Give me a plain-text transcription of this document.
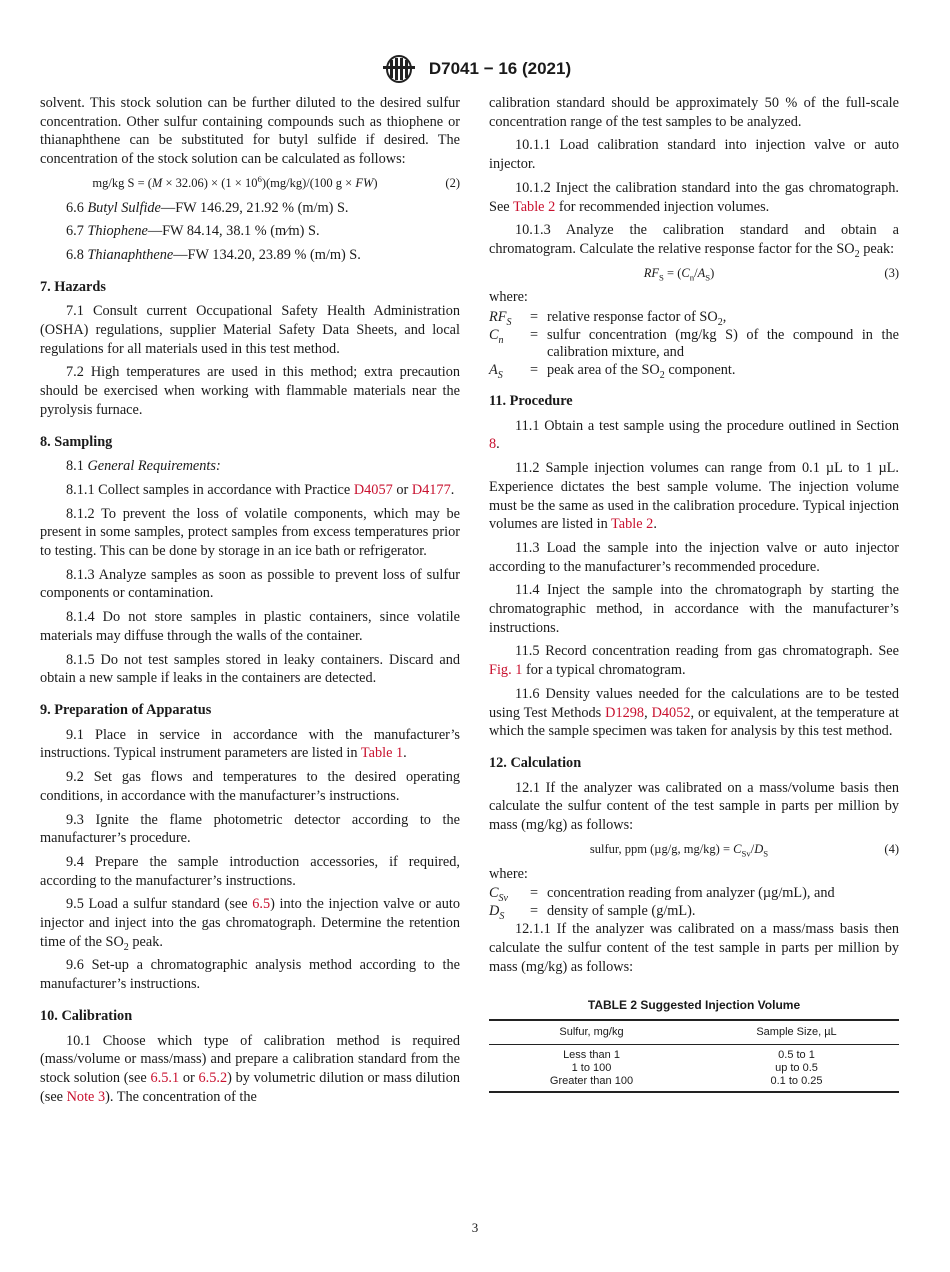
D7041 − 16 (2021)
solvent. This stock solution can be further diluted to the desired sulfur concentration. Other sulfur containing compounds such as thiophene or thianaphthene can be substituted for butyl sulfide if desired. The concentration of the stock solution can be calculated as follows:
mg/kg $S = (M \times 32.06) \times (1 \times 10^6)(mg/kg)/(100$ g × FW)	(2)
6.6 Butyl Sulfide—FW 146.29, 21.92 % (m/m) S.
6.7 Thiophene—FW 84.14, 38.1 % (m⁄m) S.
6.8 Thianaphthene—FW 134.20, 23.89 % (m/m) S.
7. Hazards
7.1 Consult current Occupational Safety Health Administration (OSHA) regulations, supplier Material Safety Data Sheets, and local regulations for all materials used in this test method.
7.2 High temperatures are used in this method; extra precaution should be exercised when working with flammable materials near the pyrolysis furnace.
8. Sampling
8.1 General Requirements:
8.1.1 Collect samples in accordance with Practice D4057 or D4177.
8.1.2 To prevent the loss of volatile components, which may be present in some samples, protect samples from excess temperatures prior to testing. This can be done by storage in an ice bath or refrigerator.
8.1.3 Analyze samples as soon as possible to prevent loss of sulfur components or contamination.
8.1.4 Do not store samples in plastic containers, since volatile materials may diffuse through the walls of the container.
8.1.5 Do not test samples stored in leaky containers. Discard and obtain a new sample if leaks in the containers are detected.
9. Preparation of Apparatus
9.1 Place in service in accordance with the manufacturer’s instructions. Typical instrument parameters are listed in Table 1.
9.2 Set gas flows and temperatures to the desired operating conditions, in accordance with the manufacturer’s instructions.
9.3 Ignite the flame photometric detector according to the manufacturer’s procedure.
9.4 Prepare the sample introduction accessories, if required, according to the manufacturer’s instructions.
9.5 Load a sulfur standard (see 6.5) into the injection valve or auto injector and inject into the gas chromatograph. Determine the retention time of the $SO_2$ peak.
9.6 Set-up a chromatographic analysis method according to the manufacturer’s instructions.
10. Calibration
10.1 Choose which type of calibration method is required (mass/volume or mass/mass) and prepare a calibration standard from the stock solution (see 6.5.1 or 6.5.2) by volumetric dilution or mass dilution (see Note 3). The concentration of the
calibration standard should be approximately 50 % of the full-scale concentration range of the test samples to be analyzed.
10.1.1 Load calibration standard into injection valve or auto injector.
10.1.2 Inject the calibration standard into the gas chromatograph. See Table 2 for recommended injection volumes.
10.1.3 Analyze the calibration standard and obtain a chromatogram. Calculate the relative response factor for the $SO_2$ peak:
$RF_S = (C_n/A_S)$	(3)
where:
$RF_S$	= relative response factor of $SO_2$,
$C_n$	= sulfur concentration (mg/kg S) of the compound in the calibration mixture, and
$A_S$	= peak area of the $SO_2$ component.
11. Procedure
11.1 Obtain a test sample using the procedure outlined in Section 8.
11.2 Sample injection volumes can range from 0.1 µL to 1 µL. Experience dictates the best sample volume. The injection volume must be the same as used in the calibration procedure. Typical injection volumes are listed in Table 2.
11.3 Load the sample into the injection valve or auto injector according to the manufacturer’s recommended procedure.
11.4 Inject the sample into the chromatograph by starting the chromatographic method, in accordance with the manufacturer’s instructions.
11.5 Record concentration reading from gas chromatograph. See Fig. 1 for a typical chromatogram.
11.6 Density values needed for the calculations are to be tested using Test Methods D1298, D4052, or equivalent, at the temperature at which the sample specimen was taken for analysis by this test method.
12. Calculation
12.1 If the analyzer was calibrated on a mass/volume basis then calculate the sulfur content of the test sample in parts per million by mass (mg/kg) as follows:
sulfur, ppm (µg/g, $mg/kg) = C_{Sv}/D_S$	(4)
where:
$C_{Sv}$	= concentration reading from analyzer (µg/mL), and
$D_S$	= density of sample (g/mL).
12.1.1 If the analyzer was calibrated on a mass/mass basis then calculate the sulfur content of the test sample in parts per million by mass (mg/kg) as follows:
TABLE 2 Suggested Injection Volume
Sulfur, mg/kg	Sample Size, µL
Less than 1	0.5 to 1
1 to 100	up to 0.5
Greater than 100	0.1 to 0.25
3
